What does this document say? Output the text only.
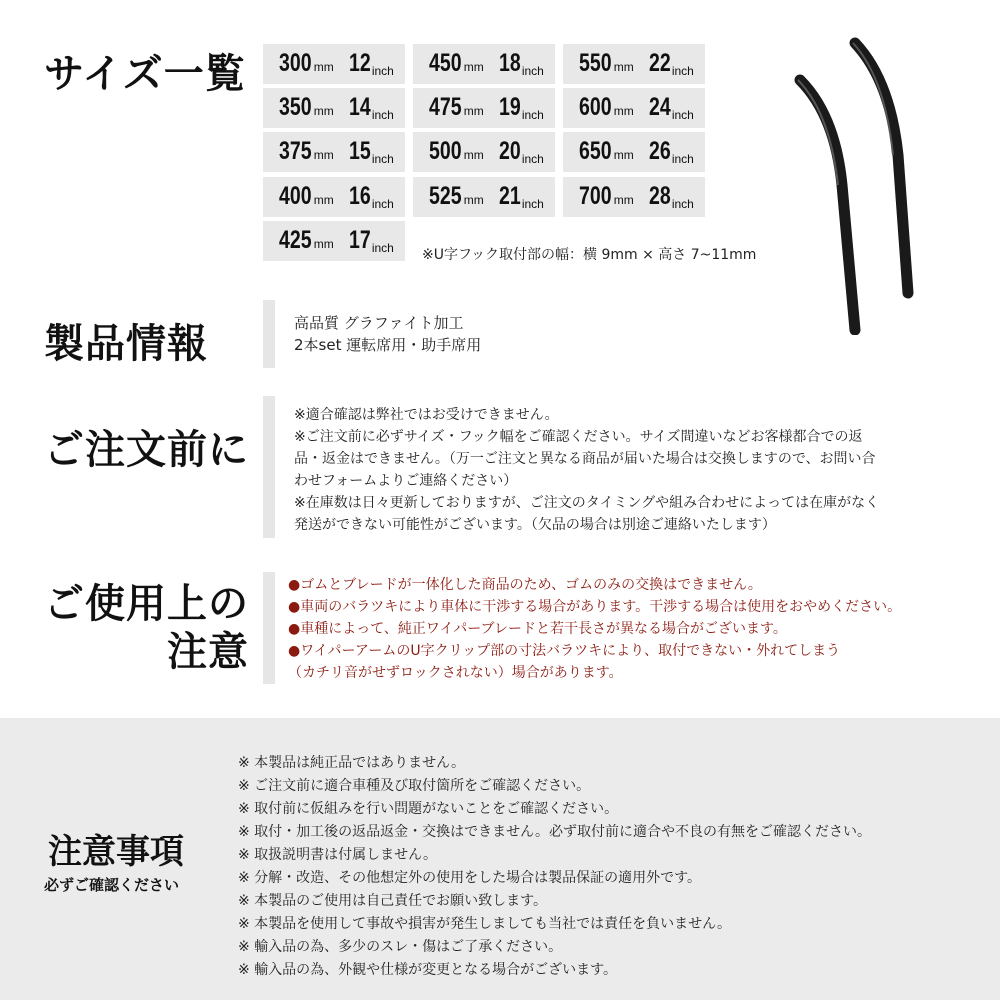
サイズ一覧 300 mm 12 inch
350 mm 14 inch
375 mm 15 inch
400 mm 16 inch
425 mm 17 inch
450 mm 18 inch
475 mm 19 inch
500 mm 20 inch
525 mm 21 inch
550 mm 22 inch
600 mm 24 inch
650 mm 26 inch
700 mm 28 inch
※U字フック取付部の幅：横 9mm × 高さ 7~11mm
製品情報	高品質 グラファイト加工
2本set 運転席用・助手席用
ご注文前に
※適合確認は弊社ではお受けできません。
※ご注文前に必ずサイズ・フック幅をご確認ください。サイズ間違いなどお客様都合での返
品・返金はできません。（万一ご注文と異なる商品が届いた場合は交換しますので、お問い合
わせフォームよりご連絡ください）
※在庫数は日々更新しておりますが、ご注文のタイミングや組み合わせによっては在庫がなく
発送ができない可能性がございます。（欠品の場合は別途ご連絡いたします）
ご使用上の
注意
●ゴムとブレードが一体化した商品のため、ゴムのみの交換はできません。
●車両のバラツキにより車体に干渉する場合があります。干渉する場合は使用をおやめください。
●車種によって、純正ワイパーブレードと若干長さが異なる場合がございます。
●ワイパーアームのU字クリップ部の寸法バラツキにより、取付できない・外れてしまう
（カチリ音がせずロックされない）場合があります。
注意事項
必ずご確認ください
※ 本製品は純正品ではありません。
※ ご注文前に適合車種及び取付箇所をご確認ください。
※ 取付前に仮組みを行い問題がないことをご確認ください。
※ 取付・加工後の返品返金・交換はできません。必ず取付前に適合や不良の有無をご確認ください。
※ 取扱説明書は付属しません。
※ 分解・改造、その他想定外の使用をした場合は製品保証の適用外です。
※ 本製品のご使用は自己責任でお願い致します。
※ 本製品を使用して事故や損害が発生しましても当社では責任を負いません。
※ 輸入品の為、多少のスレ・傷はご了承ください。
※ 輸入品の為、外観や仕様が変更となる場合がございます。
